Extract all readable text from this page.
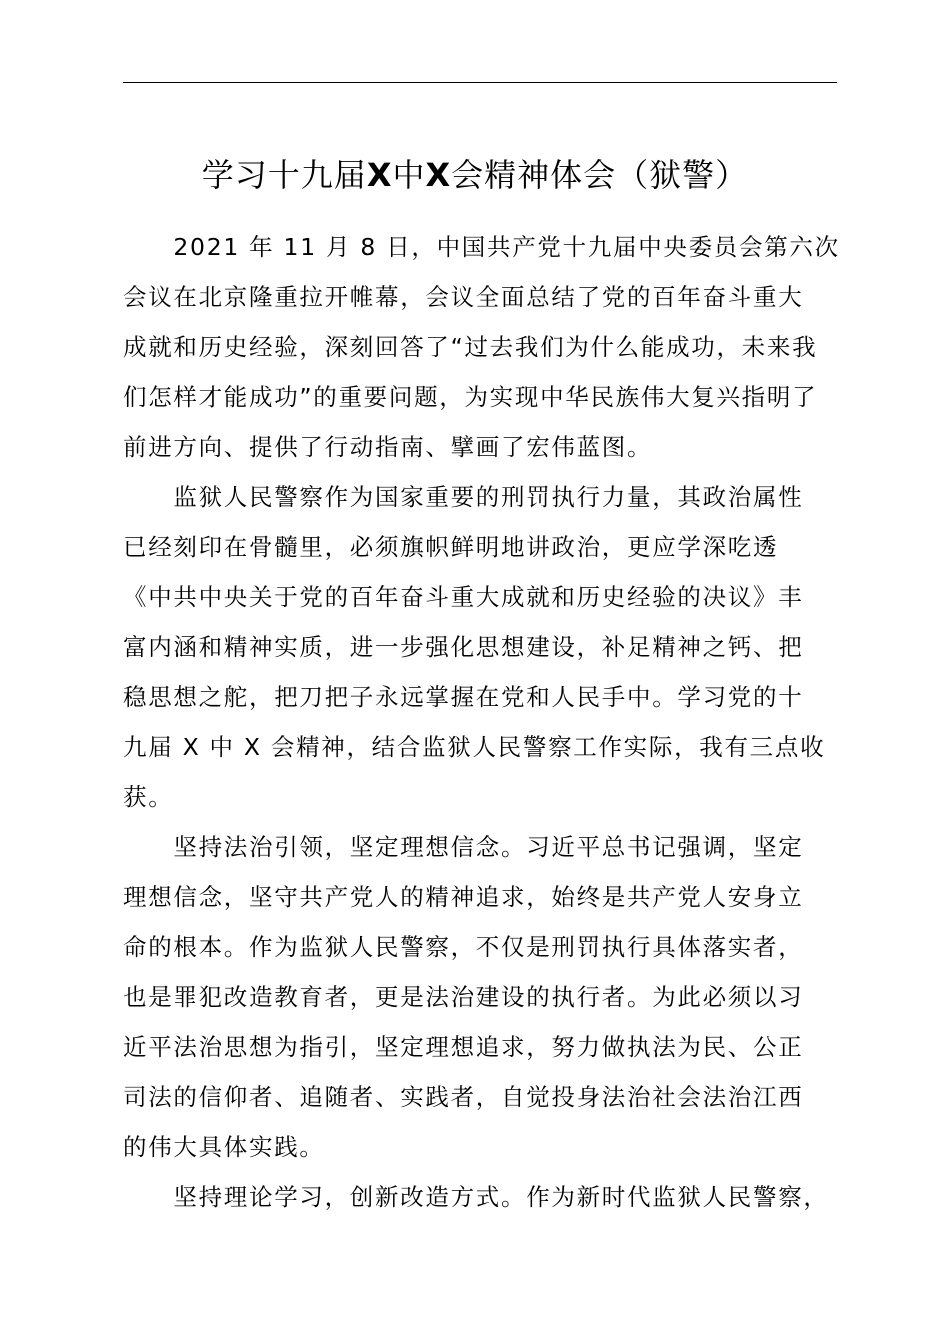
学习十九届X中X会精神体会（狱警）
　　2021 年 11 月 8 日，中国共产党十九届中央委员会第六次
会议在北京隆重拉开帷幕，会议全面总结了党的百年奋斗重大
成就和历史经验，深刻回答了“过去我们为什么能成功，未来我
们怎样才能成功”的重要问题，为实现中华民族伟大复兴指明了
前进方向、提供了行动指南、擘画了宏伟蓝图。
　　监狱人民警察作为国家重要的刑罚执行力量，其政治属性
已经刻印在骨髓里，必须旗帜鲜明地讲政治，更应学深吃透
《中共中央关于党的百年奋斗重大成就和历史经验的决议》丰
富内涵和精神实质，进一步强化思想建设，补足精神之钙、把
稳思想之舵，把刀把子永远掌握在党和人民手中。学习党的十
九届 X 中 X 会精神，结合监狱人民警察工作实际，我有三点收
获。
　　坚持法治引领，坚定理想信念。习近平总书记强调，坚定
理想信念，坚守共产党人的精神追求，始终是共产党人安身立
命的根本。作为监狱人民警察，不仅是刑罚执行具体落实者，
也是罪犯改造教育者，更是法治建设的执行者。为此必须以习
近平法治思想为指引，坚定理想追求，努力做执法为民、公正
司法的信仰者、追随者、实践者，自觉投身法治社会法治江西
的伟大具体实践。
　　坚持理论学习，创新改造方式。作为新时代监狱人民警察，
